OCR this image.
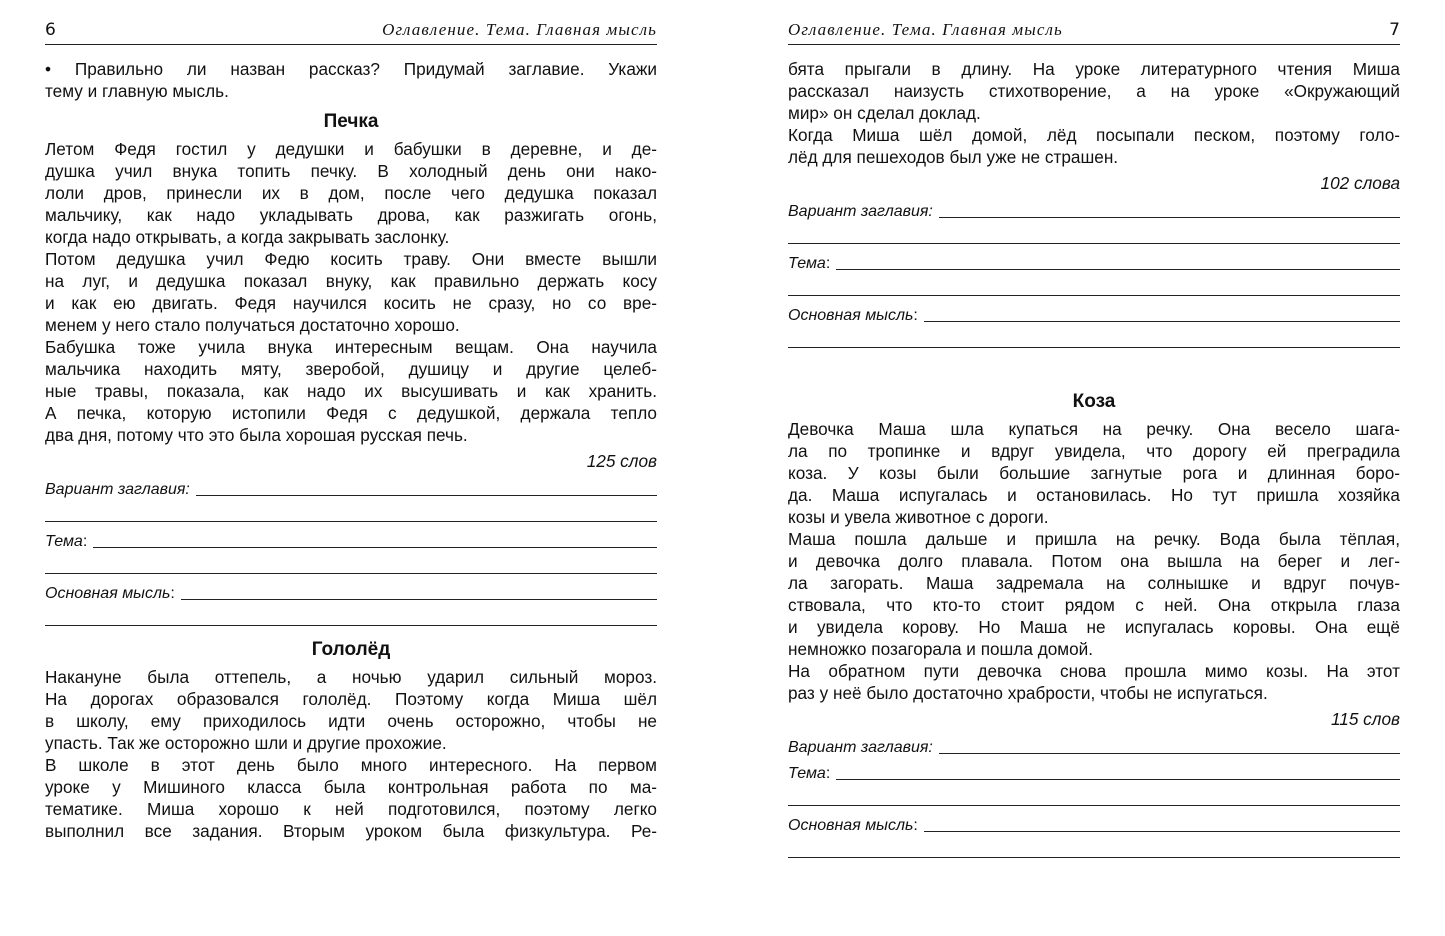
6	Оглавление. Тема. Главная мысль
• Правильно ли назван рассказ? Придумай заглавие. Укажи
тему и главную мысль.
Печка
Летом Федя гостил у дедушки и бабушки в деревне, и де-
душка учил внука топить печку. В холодный день они нако-
лоли дров, принесли их в дом, после чего дедушка показал
мальчику, как надо укладывать дрова, как разжигать огонь,
когда надо открывать, а когда закрывать заслонку.
Потом дедушка учил Федю косить траву. Они вместе вышли
на луг, и дедушка показал внуку, как правильно держать косу
и как ею двигать. Федя научился косить не сразу, но со вре-
менем у него стало получаться достаточно хорошо.
Бабушка тоже учила внука интересным вещам. Она научила
мальчика находить мяту, зверобой, душицу и другие целеб-
ные травы, показала, как надо их высушивать и как хранить.
А печка, которую истопили Федя с дедушкой, держала тепло
два дня, потому что это была хорошая русская печь.
125 слов
Вариант заглавия:
Тема:
Основная мысль:
Гололёд
Накануне была оттепель, а ночью ударил сильный мороз.
На дорогах образовался гололёд. Поэтому когда Миша шёл
в школу, ему приходилось идти очень осторожно, чтобы не
упасть. Так же осторожно шли и другие прохожие.
В школе в этот день было много интересного. На первом
уроке у Мишиного класса была контрольная работа по ма-
тематике. Миша хорошо к ней подготовился, поэтому легко
выполнил все задания. Вторым уроком была физкультура. Ре-
Оглавление. Тема. Главная мысль	7
бята прыгали в длину. На уроке литературного чтения Миша
рассказал наизусть стихотворение, а на уроке «Окружающий
мир» он сделал доклад.
Когда Миша шёл домой, лёд посыпали песком, поэтому голо-
лёд для пешеходов был уже не страшен.
102 слова
Вариант заглавия:
Тема:
Основная мысль:
Коза
Девочка Маша шла купаться на речку. Она весело шага-
ла по тропинке и вдруг увидела, что дорогу ей преградила
коза. У козы были большие загнутые рога и длинная боро-
да. Маша испугалась и остановилась. Но тут пришла хозяйка
козы и увела животное с дороги.
Маша пошла дальше и пришла на речку. Вода была тёплая,
и девочка долго плавала. Потом она вышла на берег и лег-
ла загорать. Маша задремала на солнышке и вдруг почув-
ствовала, что кто-то стоит рядом с ней. Она открыла глаза
и увидела корову. Но Маша не испугалась коровы. Она ещё
немножко позагорала и пошла домой.
На обратном пути девочка снова прошла мимо козы. На этот
раз у неё было достаточно храбрости, чтобы не испугаться.
115 слов
Вариант заглавия:
Тема:
Основная мысль:
